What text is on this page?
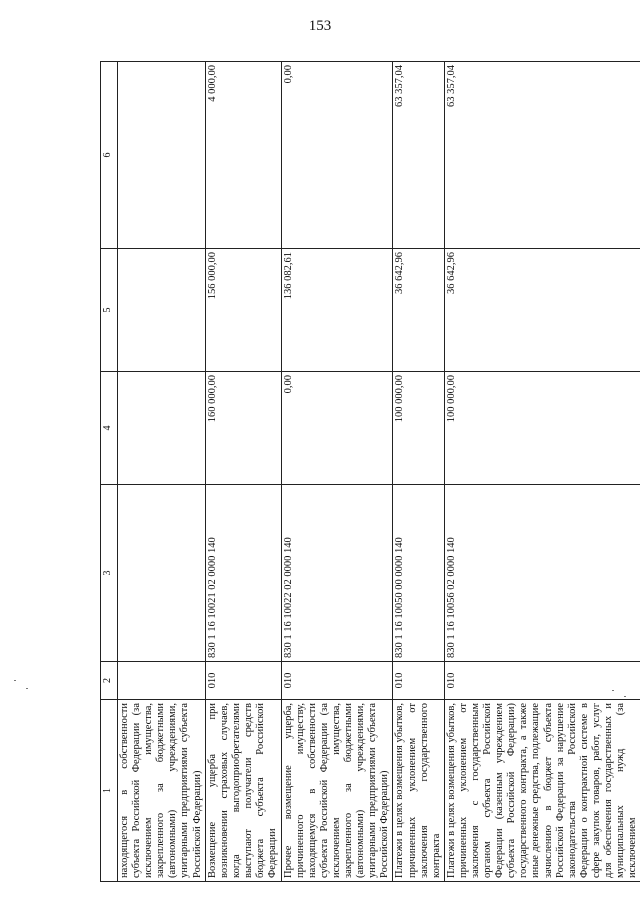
153
1	2	3	4	5	6
находящегося в собственности субъекта Российской Федерации (за исключением имущества, закрепленного за бюджетными (автономными) учреждениями, унитарными предприятиями субъекта Российской Федерации)					
Возмещение ущерба при возникновении страховых случаев, когда выгодоприобретателями выступают получатели средств бюджета субъекта Российской Федерации	010	830 1 16 10021 02 0000 140	160 000,00	156 000,00	4 000,00
Прочее возмещение ущерба, причиненного имуществу, находящемуся в собственности субъекта Российской Федерации (за исключением имущества, закрепленного за бюджетными (автономными) учреждениями, унитарными предприятиями субъекта Российской Федерации)	010	830 1 16 10022 02 0000 140	0,00	136 082,61	0,00
Платежи в целях возмещения убытков, причиненных уклонением от заключения государственного контракта	010	830 1 16 10050 00 0000 140	100 000,00	36 642,96	63 357,04
Платежи в целях возмещения убытков, причиненных уклонением от заключения с государственным органом субъекта Российской Федерации (казенным учреждением субъекта Российской Федерации) государственного контракта, а также иные денежные средства, подлежащие зачислению в бюджет субъекта Российской Федерации за нарушение законодательства Российской Федерации о контрактной системе в сфере закупок товаров, работ, услуг для обеспечения государственных и муниципальных нужд (за исключением	010	830 1 16 10056 02 0000 140	100 000,00	36 642,96	63 357,04
